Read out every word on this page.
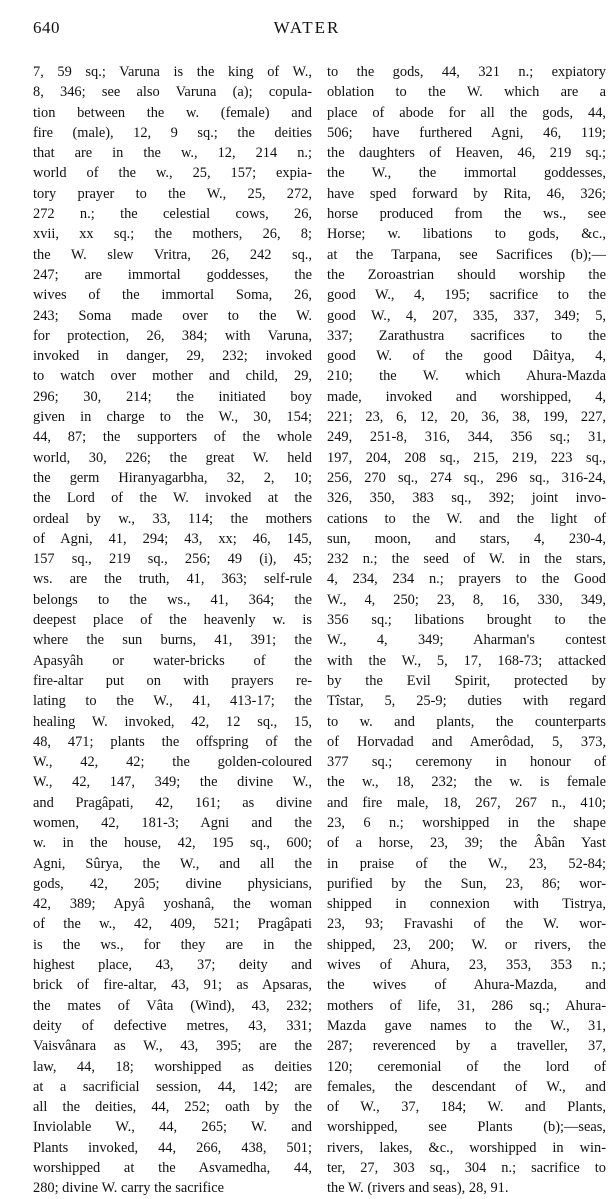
640	WATER

7, 59 sq.; Varuna is the king of W.,

8, 346; see also Varuna (a); copula-

tion between the w. (female) and

fire (male), 12, 9 sq.; the deities

that are in the w., 12, 214 n.;

world of the w., 25, 157; expia-

tory prayer to the W., 25, 272,

272 n.; the celestial cows, 26,

xvii, xx sq.; the mothers, 26, 8;

the W. slew Vritra, 26, 242 sq.,

247; are immortal goddesses, the

wives of the immortal Soma, 26,

243; Soma made over to the W.

for protection, 26, 384; with Varuna,

invoked in danger, 29, 232; invoked

to watch over mother and child, 29,

296; 30, 214; the initiated boy

given in charge to the W., 30, 154;

44, 87; the supporters of the whole

world, 30, 226; the great W. held

the germ Hiranyagarbha, 32, 2, 10;

the Lord of the W. invoked at the

ordeal by w., 33, 114; the mothers

of Agni, 41, 294; 43, xx; 46, 145,

157 sq., 219 sq., 256; 49 (i), 45;

ws. are the truth, 41, 363; self-rule

belongs to the ws., 41, 364; the

deepest place of the heavenly w. is

where the sun burns, 41, 391; the

Apasyâh or water-bricks of the

fire-altar put on with prayers re-

lating to the W., 41, 413-17; the

healing W. invoked, 42, 12 sq., 15,

48, 471; plants the offspring of the

W., 42, 42; the golden-coloured

W., 42, 147, 349; the divine W.,

and Pragâpati, 42, 161; as divine

women, 42, 181-3; Agni and the

w. in the house, 42, 195 sq., 600;

Agni, Sûrya, the W., and all the

gods, 42, 205; divine physicians,

42, 389; Apyâ yoshanâ, the woman

of the w., 42, 409, 521; Pragâpati

is the ws., for they are in the

highest place, 43, 37; deity and

brick of fire-altar, 43, 91; as Apsaras,

the mates of Vâta (Wind), 43, 232;

deity of defective metres, 43, 331;

Vaisvânara as W., 43, 395; are the

law, 44, 18; worshipped as deities

at a sacrificial session, 44, 142; are

all the deities, 44, 252; oath by the

Inviolable W., 44, 265; W. and

Plants invoked, 44, 266, 438, 501;

worshipped at the Asvamedha, 44,

280; divine W. carry the sacrifice

to the gods, 44, 321 n.; expiatory

oblation to the W. which are a

place of abode for all the gods, 44,

506; have furthered Agni, 46, 119;

the daughters of Heaven, 46, 219 sq.;

the W., the immortal goddesses,

have sped forward by Rita, 46, 326;

horse produced from the ws., see

Horse; w. libations to gods, &c.,

at the Tarpana, see Sacrifices (b);—

the Zoroastrian should worship the

good W., 4, 195; sacrifice to the

good W., 4, 207, 335, 337, 349; 5,

337; Zarathustra sacrifices to the

good W. of the good Dâitya, 4,

210; the W. which Ahura-Mazda

made, invoked and worshipped, 4,

221; 23, 6, 12, 20, 36, 38, 199, 227,

249, 251-8, 316, 344, 356 sq.; 31,

197, 204, 208 sq., 215, 219, 223 sq.,

256, 270 sq., 274 sq., 296 sq., 316-24,

326, 350, 383 sq., 392; joint invo-

cations to the W. and the light of

sun, moon, and stars, 4, 230-4,

232 n.; the seed of W. in the stars,

4, 234, 234 n.; prayers to the Good

W., 4, 250; 23, 8, 16, 330, 349,

356 sq.; libations brought to the

W., 4, 349; Aharman's contest

with the W., 5, 17, 168-73; attacked

by the Evil Spirit, protected by

Tîstar, 5, 25-9; duties with regard

to w. and plants, the counterparts

of Horvadad and Amerôdad, 5, 373,

377 sq.; ceremony in honour of

the w., 18, 232; the w. is female

and fire male, 18, 267, 267 n., 410;

23, 6 n.; worshipped in the shape

of a horse, 23, 39; the Âbân Yast

in praise of the W., 23, 52-84;

purified by the Sun, 23, 86; wor-

shipped in connexion with Tistrya,

23, 93; Fravashi of the W. wor-

shipped, 23, 200; W. or rivers, the

wives of Ahura, 23, 353, 353 n.;

the wives of Ahura-Mazda, and

mothers of life, 31, 286 sq.; Ahura-

Mazda gave names to the W., 31,

287; reverenced by a traveller, 37,

120; ceremonial of the lord of

females, the descendant of W., and

of W., 37, 184; W. and Plants,

worshipped, see Plants (b);—seas,

rivers, lakes, &c., worshipped in win-

ter, 27, 303 sq., 304 n.; sacrifice to

the W. (rivers and seas), 28, 91.
